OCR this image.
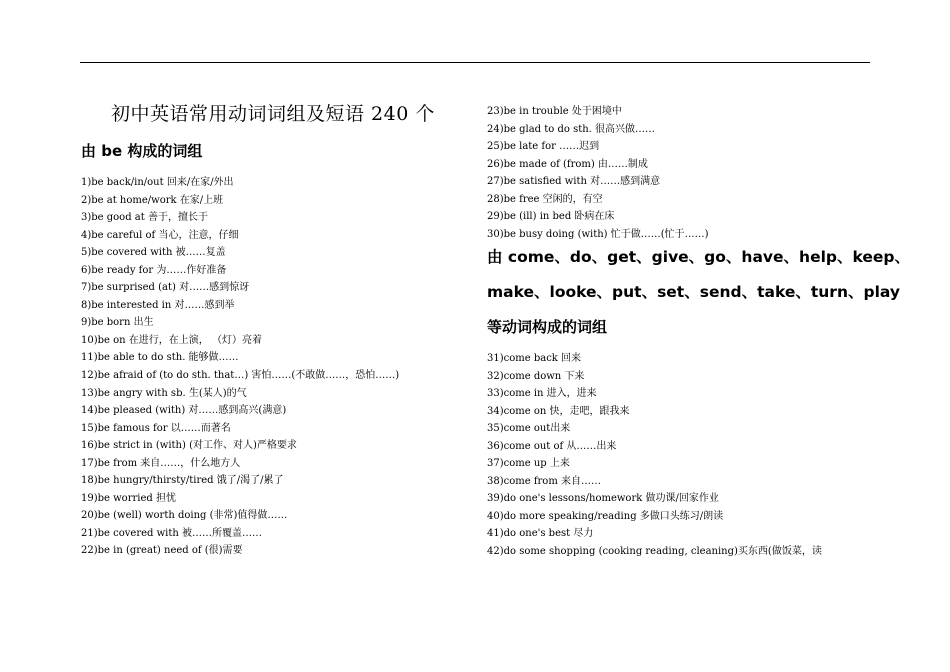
初中英语常用动词词组及短语 240 个
由 be 构成的词组
1)be back/in/out 回来/在家/外出
2)be at home/work 在家/上班
3)be good at 善于，擅长于
4)be careful of 当心，注意，仔细
5)be covered with 被……复盖
6)be ready for 为……作好准备
7)be surprised (at) 对……感到惊讶
8)be interested in 对……感到举
9)be born 出生
10)be on 在进行，在上演， （灯）亮着
11)be able to do sth. 能够做……
12)be afraid of (to do sth. that…) 害怕……(不敢做……，恐怕……)
13)be angry with sb. 生(某人)的气
14)be pleased (with) 对……感到高兴(满意)
15)be famous for 以……而著名
16)be strict in (with) (对工作、对人)严格要求
17)be from 来自……，什么地方人
18)be hungry/thirsty/tired 饿了/渴了/累了
19)be worried 担忧
20)be (well) worth doing (非常)值得做……
21)be covered with 被……所覆盖……
22)be in (great) need of (很)需要
23)be in trouble 处于困境中
24)be glad to do sth. 很高兴做……
25)be late for ……迟到
26)be made of (from) 由……制成
27)be satisfied with 对……感到满意
28)be free 空闲的，有空
29)be (ill) in bed 卧病在床
30)be busy doing (with) 忙于做……(忙于……)
由 come、do、get、give、go、have、help、keep、
make、looke、put、set、send、take、turn、play
等动词构成的词组
31)come back 回来
32)come down 下来
33)come in 进入，进来
34)come on 快，走吧，跟我来
35)come out出来
36)come out of 从……出来
37)come up 上来
38)come from 来自……
39)do one's lessons/homework 做功课/回家作业
40)do more speaking/reading 多做口头练习/朗读
41)do one's best 尽力
42)do some shopping (cooking reading, cleaning)买东西(做饭菜，读
